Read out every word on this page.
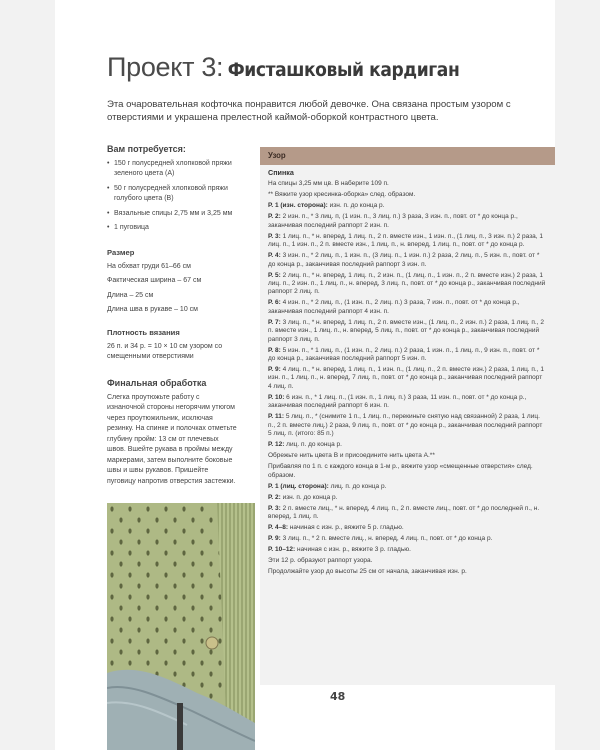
Проект 3: Фисташковый кардиган
Эта очаровательная кофточка понравится любой девочке. Она связана простым узором с отверстиями и украшена прелестной каймой-оборкой контрастного цвета.
Вам потребуется:
• 150 г полусредней хлопковой пряжи зеленого цвета (A)
• 50 г полусредней хлопковой пряжи голубого цвета (B)
• Вязальные спицы 2,75 мм и 3,25 мм
• 1 пуговица
Размер

На обхват груди 61–66 см

Фактическая ширина – 67 см

Длина – 25 см

Длина шва в рукаве – 10 см

Плотность вязания

26 п. и 34 р. = 10 × 10 см узором со смещенными отверстиями

Финальная обработка

Слегка проутюжьте работу с изнаночной стороны негорячим утюгом через проутюжильник, исключая резинку. На спинке и полочках отметьте глубину пройм: 13 см от плечевых швов. Вшейте рукава в проймы между маркерами, затем выполните боковые швы и швы рукавов. Пришейте пуговицу напротив отверстия застежки.

48
Узор

Спинка

На спицы 3,25 мм цв. B наберите 109 п.

** Вяжите узор кресинка-оборка» след. образом.

Р. 1 (изн. сторона): изн. п. до конца р.

Р. 2: 2 изн. п., * 3 лиц. п, (1 изн. п., 3 лиц. п.) 3 раза, 3 изн. п., повт. от * до конца р., заканчивая последний раппорт 2 изн. п.

Р. 3: 1 лиц. п., * н. вперед, 1 лиц. п., 2 п. вместе изн., 1 изн. п., (1 лиц. п., 3 изн. п.) 2 раза, 1 лиц. п., 1 изн. п., 2 п. вместе изн., 1 лиц. п., н. вперед, 1 лиц. п., повт. от * до конца р.

Р. 4: 3 изн. п., * 2 лиц. п., 1 изн. п., (3 лиц. п., 1 изн. п.) 2 раза, 2 лиц. п., 5 изн. п., повт. от * до конца р., заканчивая последний раппорт 3 изн. п.

Р. 5: 2 лиц. п., * н. вперед, 1 лиц. п., 2 изн. п., (1 лиц. п., 1 изн. п., 2 п. вместе изн.) 2 раза, 1 лиц. п., 2 изн. п., 1 лиц. п., н. вперед, 3 лиц. п., повт. от * до конца р., заканчивая последний раппорт 2 лиц. п.

Р. 6: 4 изн. п., * 2 лиц. п., (1 изн. п., 2 лиц. п.) 3 раза, 7 изн. п., повт. от * до конца р., заканчивая последний раппорт 4 изн. п.

Р. 7: 3 лиц. п., * н. вперед, 1 лиц. п., 2 п. вместе изн., (1 лиц. п., 2 изн. п.) 2 раза, 1 лиц. п., 2 п. вместе изн., 1 лиц. п., н. вперед, 5 лиц. п., повт. от * до конца р., заканчивая последний раппорт 3 лиц. п.

Р. 8: 5 изн. п., * 1 лиц. п., (1 изн. п., 2 лиц. п.) 2 раза, 1 изн. п., 1 лиц. п., 9 изн. п., повт. от * до конца р., заканчивая последний раппорт 5 изн. п.

Р. 9: 4 лиц. п., * н. вперед, 1 лиц. п., 1 изн. п., (1 лиц. п., 2 п. вместе изн.) 2 раза, 1 лиц. п., 1 изн. п., 1 лиц. п., н. вперед, 7 лиц. п., повт. от * до конца р., заканчивая последний раппорт 4 лиц. п.

Р. 10: 6 изн. п., * 1 лиц. п., (1 изн. п., 1 лиц. п.) 3 раза, 11 изн. п., повт. от * до конца р., заканчивая последний раппорт 6 изн. п.

Р. 11: 5 лиц. п., * (снимите 1 п., 1 лиц. п., перекиньте снятую над связанной) 2 раза, 1 лиц. п., 2 п. вместе лиц.) 2 раза, 9 лиц. п., повт. от * до конца р., заканчивая последний раппорт 5 лиц. п. (итого: 85 п.)

Р. 12: лиц. п. до конца р.

Обрежьте нить цвета B и присоедините нить цвета A.**

Прибавляя по 1 п. с каждого конца в 1-м р., вяжите узор «смещенные отверстия» след. образом.

Р. 1 (лиц. сторона): лиц. п. до конца р.

Р. 2: изн. п. до конца р.

Р. 3: 2 п. вместе лиц., * н. вперед, 4 лиц. п., 2 п. вместе лиц., повт. от * до последней п., н. вперед, 1 лиц. п.

Р. 4–8: начиная с изн. р., вяжите 5 р. гладью.

Р. 9: 3 лиц. п., * 2 п. вместе лиц., н. вперед, 4 лиц. п., повт. от * до конца р.

Р. 10–12: начиная с изн. р., вяжите 3 р. гладью.

Эти 12 р. образуют раппорт узора.

Продолжайте узор до высоты 25 см от начала, заканчивая изн. р.
